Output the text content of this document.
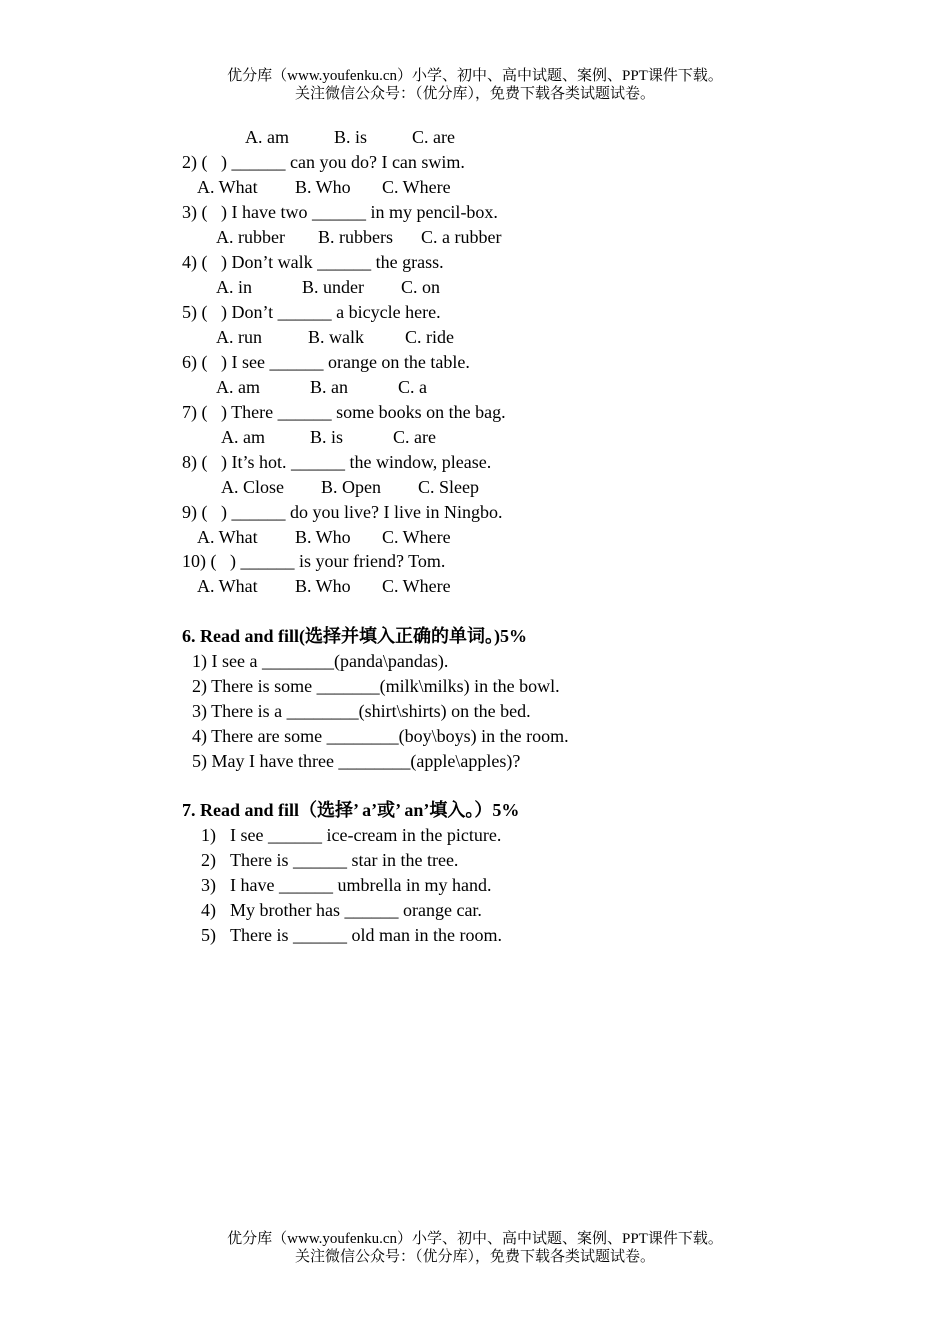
优分库（www.youfenku.cn）小学、初中、高中试题、案例、PPT课件下载。
关注微信公众号：（优分库），免费下载各类试题试卷。
A. am	B. is C. are
2) (   ) ______ can you do? I can swim.
A. What B. Who C. Where
3) (   ) I have two ______ in my pencil-box.
A. rubber B. rubbers C. a rubber
4) (   ) Don’t walk ______ the grass.
A. in	B. under C. on
5) (   ) Don’t ______ a bicycle here.
A. run	B. walk C. ride
6) (   ) I see ______ orange on the table.
A. am	B. an	C. a
7) (   ) There ______ some books on the bag.
A. am	B. is	C. are
8) (   ) It’s hot. ______ the window, please.
A. Close B. Open C. Sleep
9) (   ) ______ do you live? I live in Ningbo.
A. What B. Who C. Where
10) (   ) ______ is your friend? Tom.
A. What B. Who C. Where
6. Read and fill(选择并填入正确的单词。)5%
1) I see a ________(panda\pandas).
2) There is some _______(milk\milks) in the bowl.
3) There is a ________(shirt\shirts) on the bed.
4) There are some ________(boy\boys) in the room.
5) May I have three ________(apple\apples)?
7. Read and fill（选择’ a’或’ an’填入。）5%
1) I see ______ ice-cream in the picture.
2) There is ______ star in the tree.
3) I have ______ umbrella in my hand.
4) My brother has ______ orange car.
5) There is ______ old man in the room.
优分库（www.youfenku.cn）小学、初中、高中试题、案例、PPT课件下载。
关注微信公众号：（优分库），免费下载各类试题试卷。
